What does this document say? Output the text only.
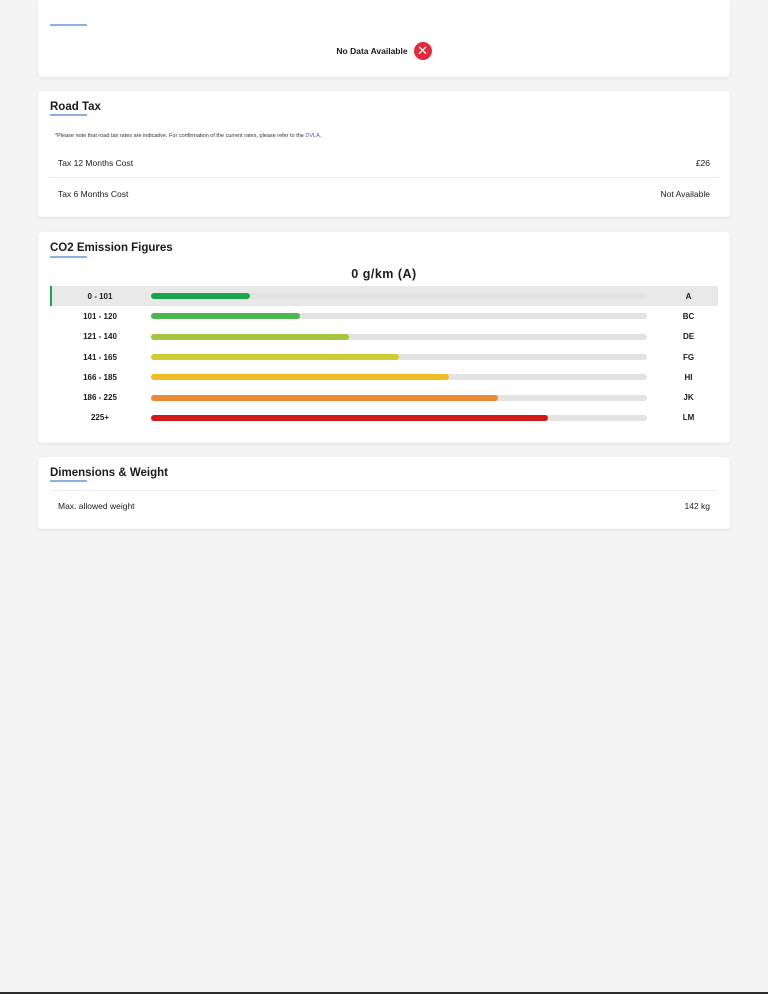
No Data Available ✕
Road Tax
*Please note that road tax rates are indicative. For confirmation of the current rates, please refer to the DVLA.
Tax 12 Months Cost	£26
Tax 6 Months Cost	Not Available
CO2 Emission Figures
0 g/km (A)
0 - 101	A
101 - 120	BC
121 - 140	DE
141 - 165	FG
166 - 185	HI
186 - 225	JK
225+	LM
Dimensions & Weight
Max. allowed weight	142 kg
